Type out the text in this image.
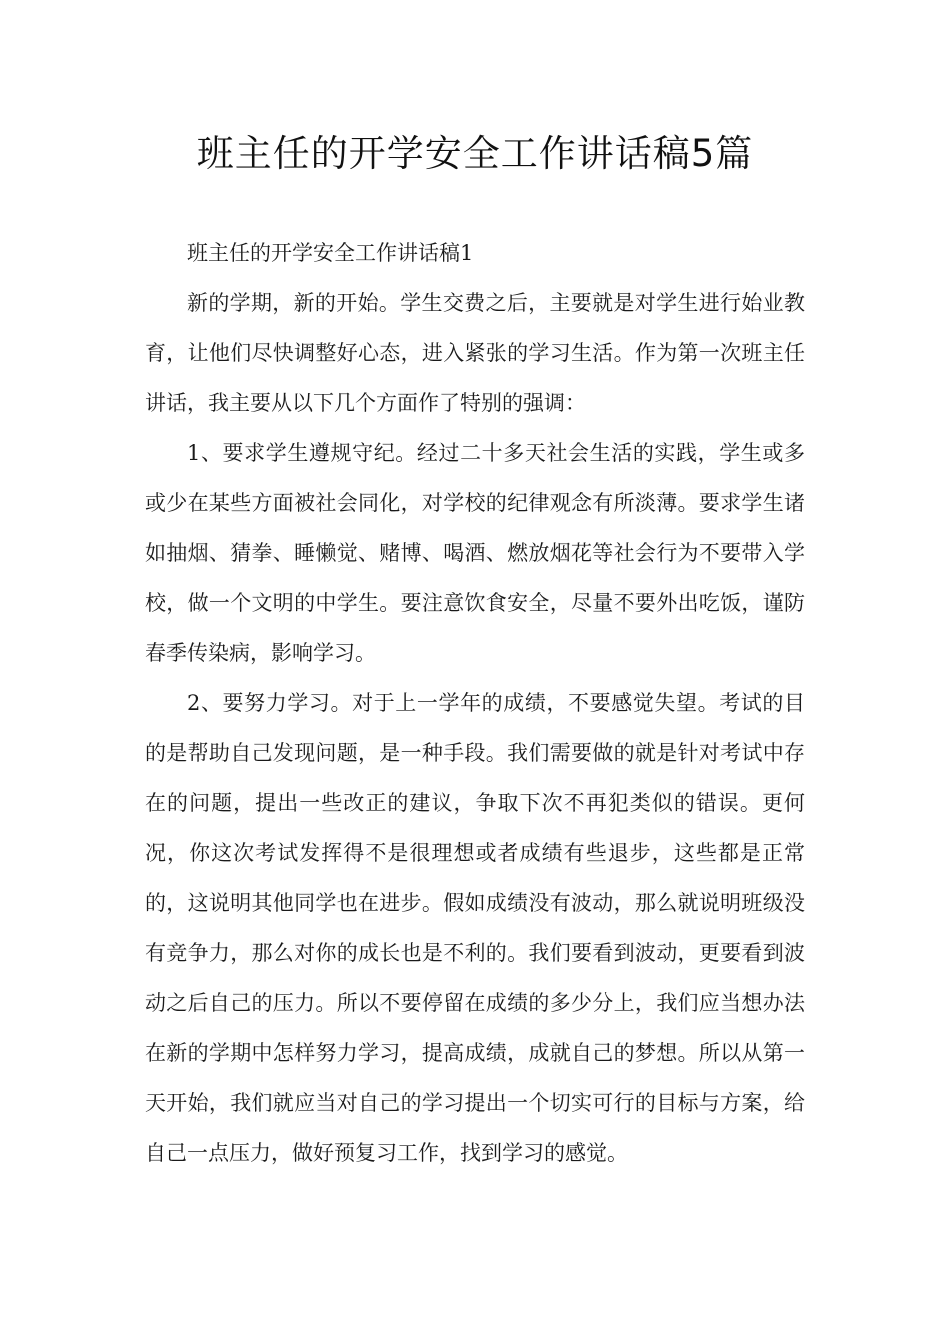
班主任的开学安全工作讲话稿5篇

班主任的开学安全工作讲话稿1

新的学期，新的开始。学生交费之后，主要就是对学生进行始业教育，让他们尽快调整好心态，进入紧张的学习生活。作为第一次班主任讲话，我主要从以下几个方面作了特别的强调：

1、要求学生遵规守纪。经过二十多天社会生活的实践，学生或多或少在某些方面被社会同化，对学校的纪律观念有所淡薄。要求学生诸如抽烟、猜拳、睡懒觉、赌博、喝酒、燃放烟花等社会行为不要带入学校，做一个文明的中学生。要注意饮食安全，尽量不要外出吃饭，谨防春季传染病，影响学习。

2、要努力学习。对于上一学年的成绩，不要感觉失望。考试的目的是帮助自己发现问题，是一种手段。我们需要做的就是针对考试中存在的问题，提出一些改正的建议，争取下次不再犯类似的错误。更何况，你这次考试发挥得不是很理想或者成绩有些退步，这些都是正常的，这说明其他同学也在进步。假如成绩没有波动，那么就说明班级没有竞争力，那么对你的成长也是不利的。我们要看到波动，更要看到波动之后自己的压力。所以不要停留在成绩的多少分上，我们应当想办法在新的学期中怎样努力学习，提高成绩，成就自己的梦想。所以从第一天开始，我们就应当对自己的学习提出一个切实可行的目标与方案，给自己一点压力，做好预复习工作，找到学习的感觉。
